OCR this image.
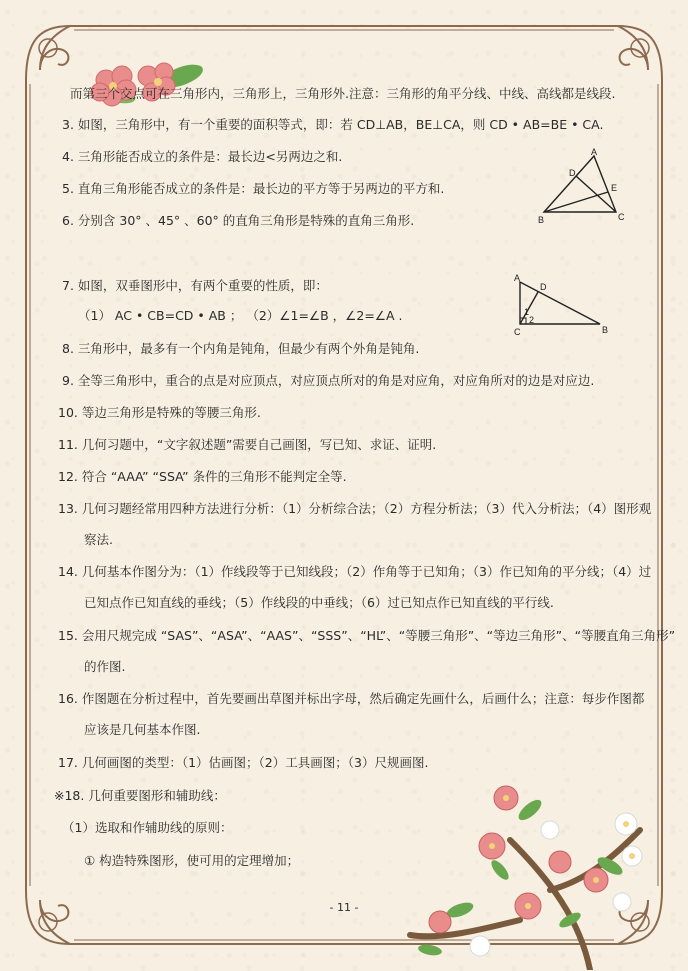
而第三个交点可在三角形内，三角形上，三角形外.注意：三角形的角平分线、中线、高线都是线段.
3. 如图，三角形中，有一个重要的面积等式，即：若 CD⊥AB，BE⊥CA，则 CD • AB=BE • CA.
4. 三角形能否成立的条件是：最长边<另两边之和.
5. 直角三角形能否成立的条件是：最长边的平方等于另两边的平方和.
6. 分别含 30° 、45° 、60° 的直角三角形是特殊的直角三角形.
7. 如图，双垂图形中，有两个重要的性质，即：
（1） AC • CB=CD • AB ； （2）∠1=∠B ，∠2=∠A .
8. 三角形中，最多有一个内角是钝角，但最少有两个外角是钝角.
9. 全等三角形中，重合的点是对应顶点，对应顶点所对的角是对应角，对应角所对的边是对应边.
10. 等边三角形是特殊的等腰三角形.
11. 几何习题中，“文字叙述题”需要自己画图，写已知、求证、证明.
12. 符合 “AAA” “SSA” 条件的三角形不能判定全等.
13. 几何习题经常用四种方法进行分析：（1）分析综合法；（2）方程分析法；（3）代入分析法；（4）图形观
察法.
14. 几何基本作图分为：（1）作线段等于已知线段；（2）作角等于已知角；（3）作已知角的平分线；（4）过
已知点作已知直线的垂线；（5）作线段的中垂线；（6）过已知点作已知直线的平行线.
15. 会用尺规完成 “SAS”、“ASA”、“AAS”、“SSS”、“HL”、“等腰三角形”、“等边三角形”、“等腰直角三角形”
的作图.
16. 作图题在分析过程中，首先要画出草图并标出字母，然后确定先画什么，后画什么；注意：每步作图都
应该是几何基本作图.
17. 几何画图的类型：（1）估画图；（2）工具画图；（3）尺规画图.
※18. 几何重要图形和辅助线：
（1）选取和作辅助线的原则：
① 构造特殊图形，使可用的定理增加；
A
B	C
D
E
A
B
C
D
1
2
- 11 -
